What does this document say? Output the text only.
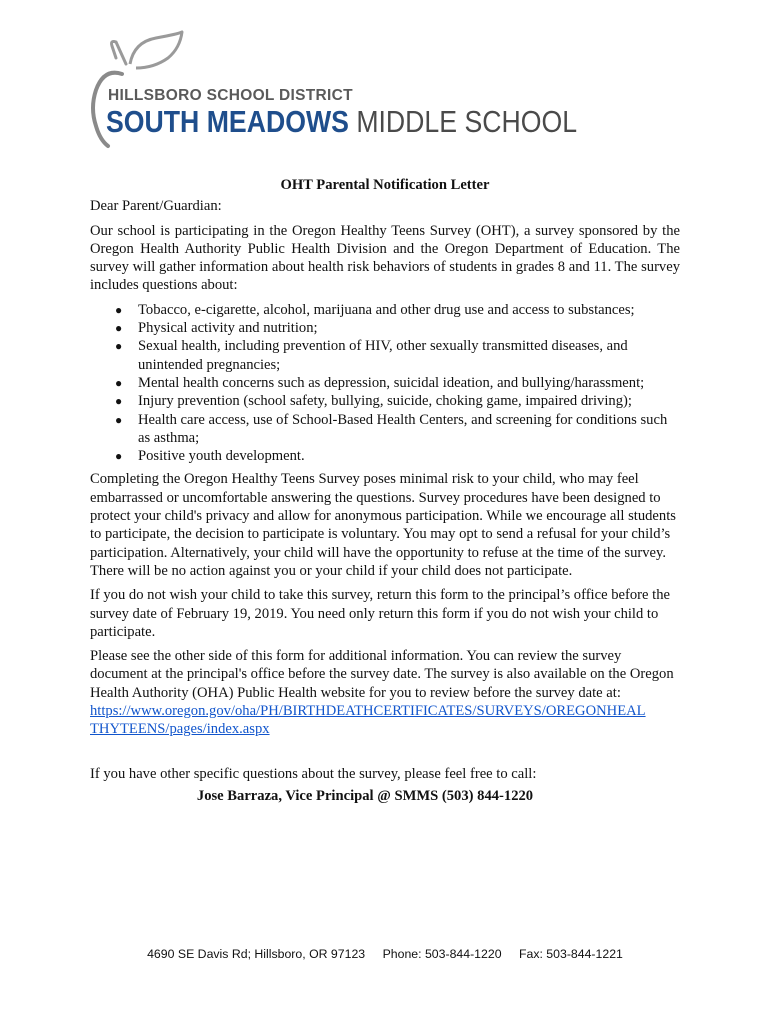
HILLSBORO SCHOOL DISTRICT
SOUTH MEADOWS MIDDLE SCHOOL
OHT Parental Notification Letter
Dear Parent/Guardian:

Our school is participating in the Oregon Healthy Teens Survey (OHT), a survey sponsored by the Oregon Health Authority Public Health Division and the Oregon Department of Education. The survey will gather information about health risk behaviors of students in grades 8 and 11. The survey includes questions about:

● Tobacco, e-cigarette, alcohol, marijuana and other drug use and access to substances;
● Physical activity and nutrition;
● Sexual health, including prevention of HIV, other sexually transmitted diseases, and unintended pregnancies;
● Mental health concerns such as depression, suicidal ideation, and bullying/harassment;
● Injury prevention (school safety, bullying, suicide, choking game, impaired driving);
● Health care access, use of School-Based Health Centers, and screening for conditions such as asthma;
● Positive youth development.

Completing the Oregon Healthy Teens Survey poses minimal risk to your child, who may feel embarrassed or uncomfortable answering the questions. Survey procedures have been designed to protect your child's privacy and allow for anonymous participation. While we encourage all students to participate, the decision to participate is voluntary. You may opt to send a refusal for your child’s participation. Alternatively, your child will have the opportunity to refuse at the time of the survey. There will be no action against you or your child if your child does not participate.

If you do not wish your child to take this survey, return this form to the principal’s office before the survey date of February 19, 2019. You need only return this form if you do not wish your child to participate.

Please see the other side of this form for additional information. You can review the survey document at the principal's office before the survey date. The survey is also available on the Oregon Health Authority (OHA) Public Health website for you to review before the survey date at:

https://www.oregon.gov/oha/PH/BIRTHDEATHCERTIFICATES/SURVEYS/OREGONHEAL
THYTEENS/pages/index.aspx
If you have other specific questions about the survey, please feel free to call:
Jose Barraza, Vice Principal @ SMMS (503) 844-1220
4690 SE Davis Rd; Hillsboro, OR 97123 Phone: 503-844-1220 Fax: 503-844-1221
